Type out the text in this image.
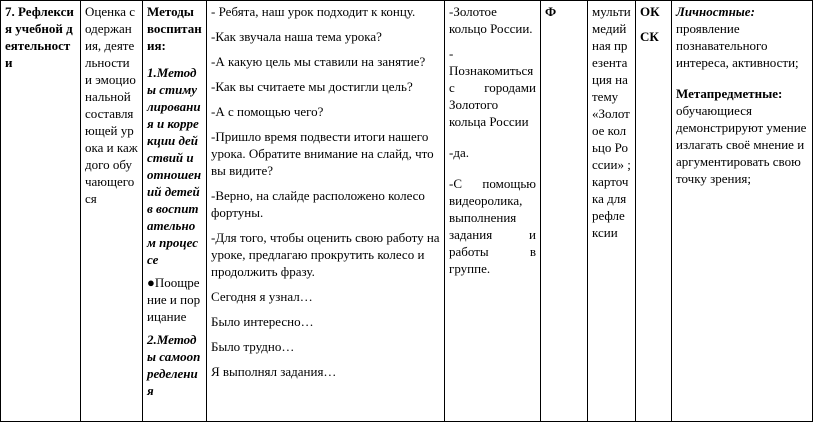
7. Рефлексия учебной деятельности

Оценка содержания, деятельности и эмоциональной составляющей урока и каждого обучающегося

Методы воспитания:
1.Методы стимулирования и коррекции действий и отношений детей в воспитательном процессе
●Поощрение и порицание
2.Методы самоопределения

- Ребята, наш урок подходит к концу.
-Как звучала наша тема урока?
-А какую цель мы ставили на занятие?
-Как вы считаете мы достигли цель?
-А с помощью чего?
-Пришло время подвести итоги нашего урока. Обратите внимание на слайд, что вы видите?
-Верно, на слайде расположено колесо фортуны.
-Для того, чтобы оценить свою работу на уроке, предлагаю прокрутить колесо и продолжить фразу.
Сегодня я узнал…
Было интересно…
Было трудно…
Я выполнял задания…

-Золотое кольцо России.
- Познакомиться с городами Золотого кольца России
-да.
-С помощью видеоролика, выполнения задания и работы в группе.

Ф	мультимедийная презентация на тему «Золотое кольцо России» ;карточка для рефлексии

ОК
СК

Личностные:
проявление познавательного интереса, активности;
Метапредметные:
обучающиеся демонстрируют умение излагать своё мнение и аргументировать свою точку зрения;
